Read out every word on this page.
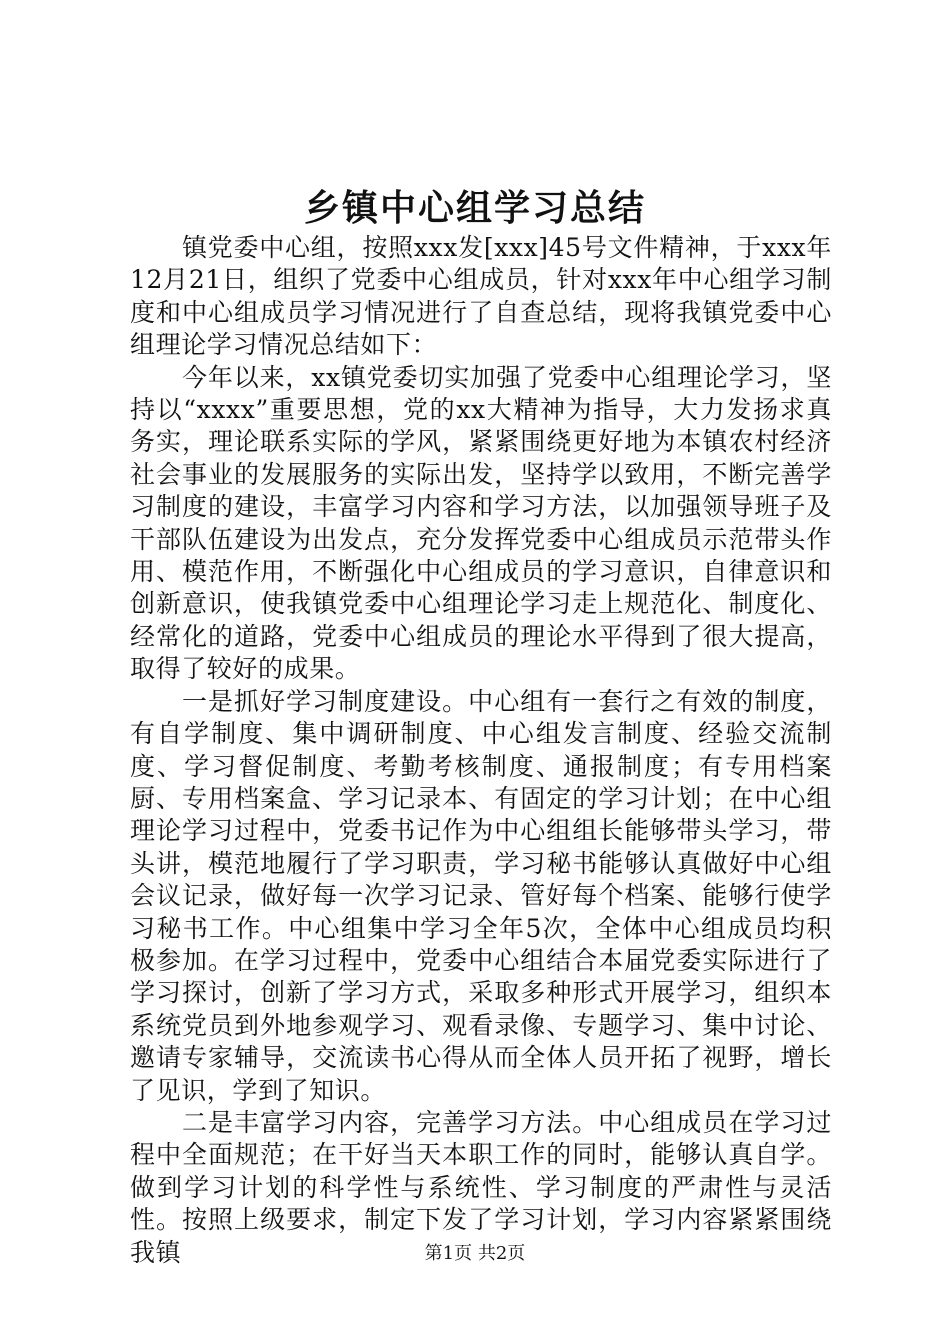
乡镇中心组学习总结

镇党委中心组，按照xxx发[xxx]45号文件精神，于xxx年12月21日，组织了党委中心组成员，针对xxx年中心组学习制度和中心组成员学习情况进行了自查总结，现将我镇党委中心组理论学习情况总结如下：

今年以来，xx镇党委切实加强了党委中心组理论学习，坚持以“xxxx”重要思想，党的xx大精神为指导，大力发扬求真务实，理论联系实际的学风，紧紧围绕更好地为本镇农村经济社会事业的发展服务的实际出发，坚持学以致用，不断完善学习制度的建设，丰富学习内容和学习方法，以加强领导班子及干部队伍建设为出发点，充分发挥党委中心组成员示范带头作用、模范作用，不断强化中心组成员的学习意识，自律意识和创新意识，使我镇党委中心组理论学习走上规范化、制度化、经常化的道路，党委中心组成员的理论水平得到了很大提高，取得了较好的成果。

一是抓好学习制度建设。中心组有一套行之有效的制度，有自学制度、集中调研制度、中心组发言制度、经验交流制度、学习督促制度、考勤考核制度、通报制度；有专用档案厨、专用档案盒、学习记录本、有固定的学习计划；在中心组理论学习过程中，党委书记作为中心组组长能够带头学习，带头讲，模范地履行了学习职责，学习秘书能够认真做好中心组会议记录，做好每一次学习记录、管好每个档案、能够行使学习秘书工作。中心组集中学习全年5次，全体中心组成员均积极参加。在学习过程中，党委中心组结合本届党委实际进行了学习探讨，创新了学习方式，采取多种形式开展学习，组织本系统党员到外地参观学习、观看录像、专题学习、集中讨论、邀请专家辅导，交流读书心得从而全体人员开拓了视野，增长了见识，学到了知识。

二是丰富学习内容，完善学习方法。中心组成员在学习过程中全面规范；在干好当天本职工作的同时，能够认真自学。做到学习计划的科学性与系统性、学习制度的严肃性与灵活性。按照上级要求，制定下发了学习计划，学习内容紧紧围绕我镇	第1页 共2页
